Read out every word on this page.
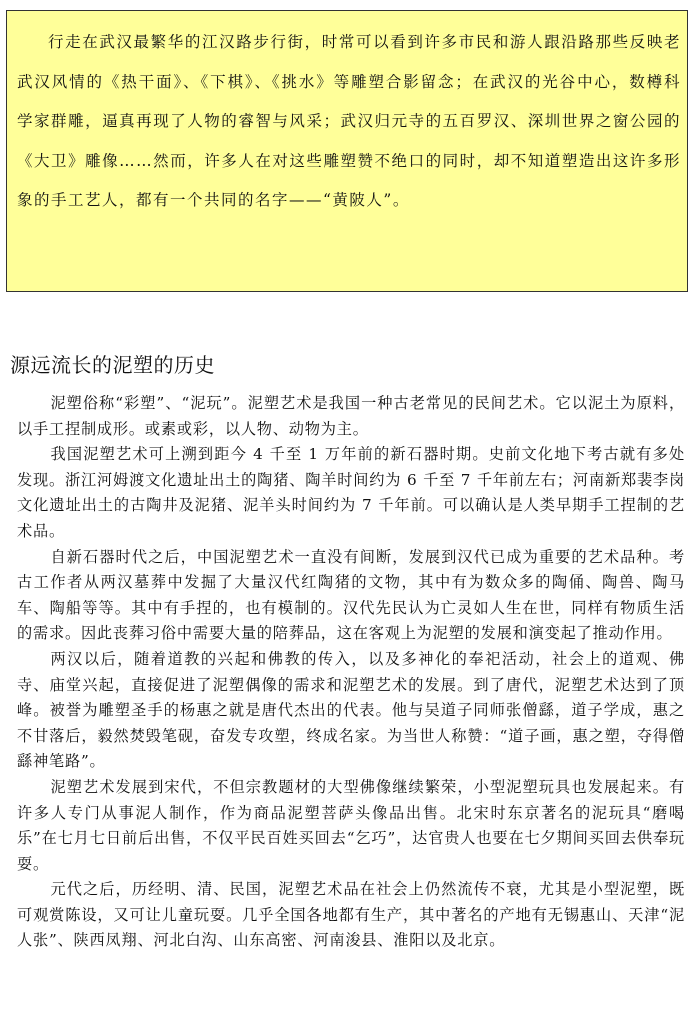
行走在武汉最繁华的江汉路步行街，时常可以看到许多市民和游人跟沿路那些反映老武汉风情的《热干面》、《下棋》、《挑水》等雕塑合影留念；在武汉的光谷中心，数樽科学家群雕，逼真再现了人物的睿智与风采；武汉归元寺的五百罗汉、深圳世界之窗公园的《大卫》雕像……然而，许多人在对这些雕塑赞不绝口的同时，却不知道塑造出这许多形象的手工艺人，都有一个共同的名字——“黄陂人”。

源远流长的泥塑的历史

泥塑俗称“彩塑”、“泥玩”。泥塑艺术是我国一种古老常见的民间艺术。它以泥土为原料，以手工捏制成形。或素或彩，以人物、动物为主。

我国泥塑艺术可上溯到距今 4 千至 1 万年前的新石器时期。史前文化地下考古就有多处发现。浙江河姆渡文化遗址出土的陶猪、陶羊时间约为 6 千至 7 千年前左右；河南新郑裴李岗文化遗址出土的古陶井及泥猪、泥羊头时间约为 7 千年前。可以确认是人类早期手工捏制的艺术品。

自新石器时代之后，中国泥塑艺术一直没有间断，发展到汉代已成为重要的艺术品种。考古工作者从两汉墓葬中发掘了大量汉代红陶猪的文物，其中有为数众多的陶俑、陶兽、陶马车、陶船等等。其中有手捏的，也有模制的。汉代先民认为亡灵如人生在世，同样有物质生活的需求。因此丧葬习俗中需要大量的陪葬品，这在客观上为泥塑的发展和演变起了推动作用。

两汉以后，随着道教的兴起和佛教的传入，以及多神化的奉祀活动，社会上的道观、佛寺、庙堂兴起，直接促进了泥塑偶像的需求和泥塑艺术的发展。到了唐代，泥塑艺术达到了顶峰。被誉为雕塑圣手的杨惠之就是唐代杰出的代表。他与吴道子同师张僧繇，道子学成，惠之不甘落后，毅然焚毁笔砚，奋发专攻塑，终成名家。为当世人称赞：“道子画，惠之塑，夺得僧繇神笔路”。

泥塑艺术发展到宋代，不但宗教题材的大型佛像继续繁荣，小型泥塑玩具也发展起来。有许多人专门从事泥人制作，作为商品泥塑菩萨头像品出售。北宋时东京著名的泥玩具“磨喝乐”在七月七日前后出售，不仅平民百姓买回去“乞巧”，达官贵人也要在七夕期间买回去供奉玩耍。

元代之后，历经明、清、民国，泥塑艺术品在社会上仍然流传不衰，尤其是小型泥塑，既可观赏陈设，又可让儿童玩耍。几乎全国各地都有生产，其中著名的产地有无锡惠山、天津“泥人张”、陕西凤翔、河北白沟、山东高密、河南浚县、淮阳以及北京。
